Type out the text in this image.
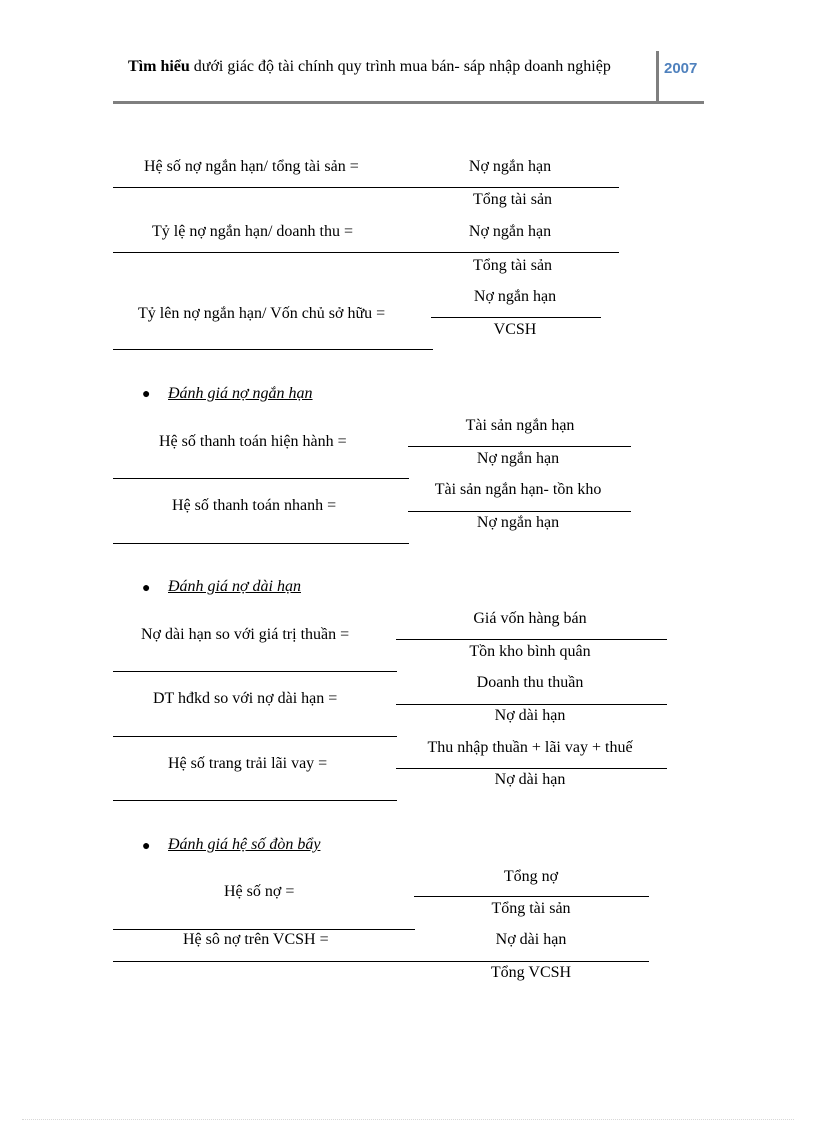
Tìm hiểu dưới giác độ tài chính quy trình mua bán- sáp nhập doanh nghiệp	2007
Hệ số nợ ngắn hạn/ tổng tài sản =	Nợ ngắn hạn
Tổng tài sản
Tỷ lệ nợ ngắn hạn/ doanh thu =	Nợ ngắn hạn
Tổng tài sản
Tỷ lên nợ ngắn hạn/ Vốn chủ sở hữu =
Nợ ngắn hạn
VCSH
● Đánh giá nợ ngắn hạn
Hệ số thanh toán hiện hành =
Tài sản ngắn hạn
Nợ ngắn hạn
Hệ số thanh toán nhanh =
Tài sản ngắn hạn- tồn kho
Nợ ngắn hạn
● Đánh giá nợ dài hạn
Nợ dài hạn so với giá trị thuần =
Giá vốn hàng bán
Tồn kho bình quân
DT hđkd so với nợ dài hạn =
Doanh thu thuần
Nợ dài hạn
Hệ số trang trải lãi vay =
Thu nhập thuần + lãi vay + thuế
Nợ dài hạn
● Đánh giá hệ số đòn bẩy
Hệ số nợ =
Tổng nợ
Tổng tài sản
Hệ sô nợ trên VCSH =	Nợ dài hạn
Tổng VCSH
